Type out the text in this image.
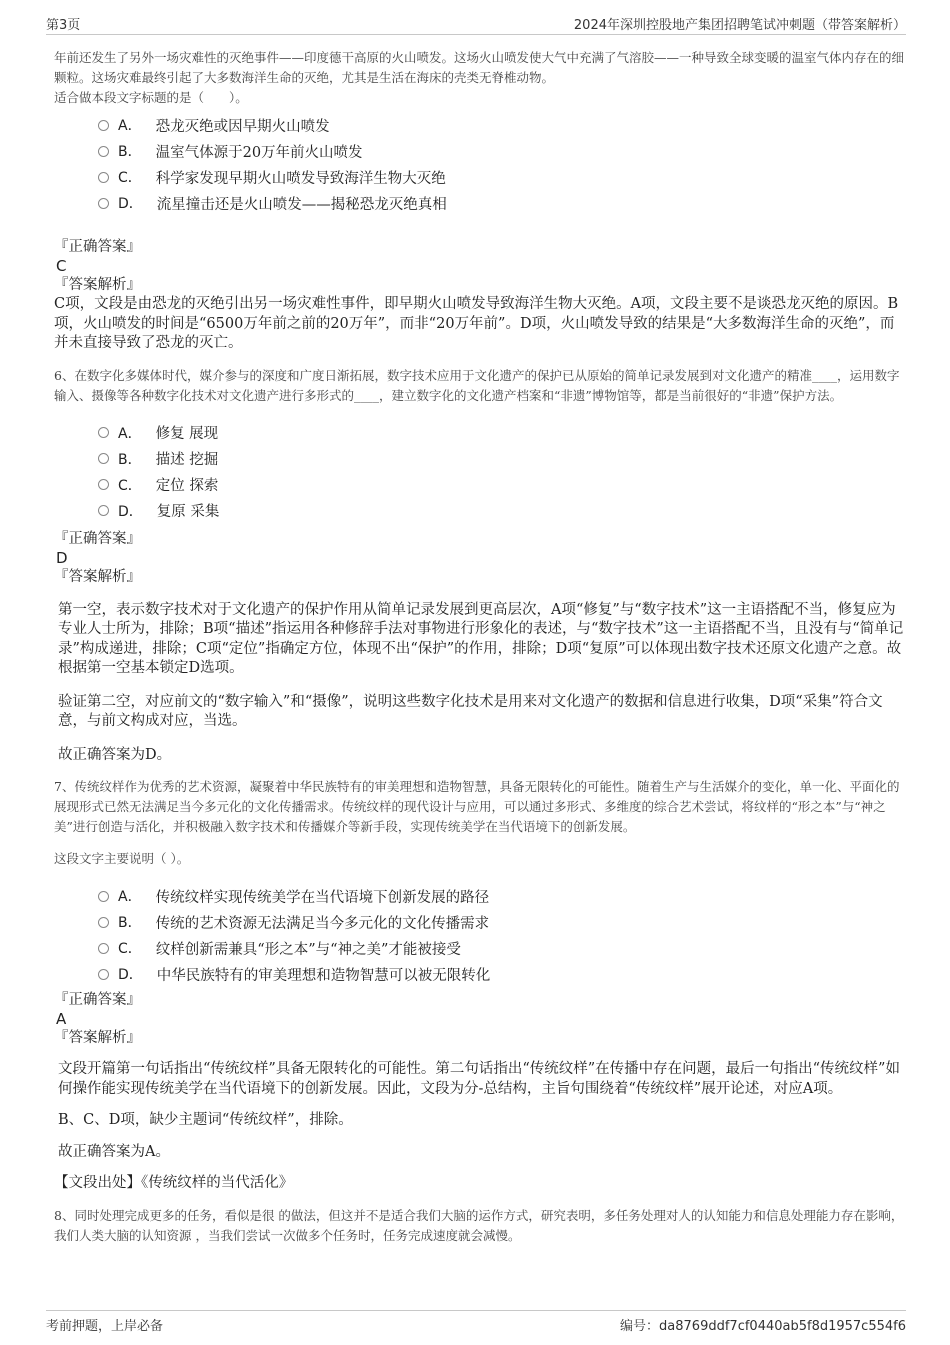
第3页	2024年深圳控股地产集团招聘笔试冲刺题（带答案解析）

年前还发生了另外一场灾难性的灭绝事件——印度德干高原的火山喷发。这场火山喷发使大气中充满了气溶胶——一种导致全球变暖的温室气体内存在的细颗粒。这场灾难最终引起了大多数海洋生命的灭绝，尤其是生活在海床的壳类无脊椎动物。

适合做本段文字标题的是（　　）。

A． 恐龙灭绝或因早期火山喷发
B． 温室气体源于20万年前火山喷发
C． 科学家发现早期火山喷发导致海洋生物大灭绝
D． 流星撞击还是火山喷发——揭秘恐龙灭绝真相

『正确答案』

C

『答案解析』

C项，文段是由恐龙的灭绝引出另一场灾难性事件，即早期火山喷发导致海洋生物大灭绝。A项，文段主要不是谈恐龙灭绝的原因。B项，火山喷发的时间是“6500万年前之前的20万年”，而非“20万年前”。D项，火山喷发导致的结果是“大多数海洋生命的灭绝”，而并未直接导致了恐龙的灭亡。

6、在数字化多媒体时代，媒介参与的深度和广度日渐拓展，数字技术应用于文化遗产的保护已从原始的简单记录发展到对文化遗产的精准____，运用数字输入、摄像等各种数字化技术对文化遗产进行多形式的____，建立数字化的文化遗产档案和“非遗”博物馆等，都是当前很好的“非遗”保护方法。

A． 修复 展现
B． 描述 挖掘
C． 定位 探索
D． 复原 采集

『正确答案』

D

『答案解析』

第一空，表示数字技术对于文化遗产的保护作用从简单记录发展到更高层次，A项“修复”与“数字技术”这一主语搭配不当，修复应为专业人士所为，排除；B项“描述”指运用各种修辞手法对事物进行形象化的表述，与“数字技术”这一主语搭配不当，且没有与“简单记录”构成递进，排除；C项“定位”指确定方位，体现不出“保护”的作用，排除；D项“复原”可以体现出数字技术还原文化遗产之意。故根据第一空基本锁定D选项。

验证第二空，对应前文的“数字输入”和“摄像”，说明这些数字化技术是用来对文化遗产的数据和信息进行收集，D项“采集”符合文意，与前文构成对应，当选。

故正确答案为D。

7、传统纹样作为优秀的艺术资源，凝聚着中华民族特有的审美理想和造物智慧，具备无限转化的可能性。随着生产与生活媒介的变化，单一化、平面化的展现形式已然无法满足当今多元化的文化传播需求。传统纹样的现代设计与应用，可以通过多形式、多维度的综合艺术尝试，将纹样的“形之本”与“神之美”进行创造与活化，并积极融入数字技术和传播媒介等新手段，实现传统美学在当代语境下的创新发展。

这段文字主要说明（ ）。

A． 传统纹样实现传统美学在当代语境下创新发展的路径
B． 传统的艺术资源无法满足当今多元化的文化传播需求
C． 纹样创新需兼具“形之本”与“神之美”才能被接受
D． 中华民族特有的审美理想和造物智慧可以被无限转化

『正确答案』

A

『答案解析』

文段开篇第一句话指出“传统纹样”具备无限转化的可能性。第二句话指出“传统纹样”在传播中存在问题，最后一句指出“传统纹样”如何操作能实现传统美学在当代语境下的创新发展。因此，文段为分-总结构，主旨句围绕着“传统纹样”展开论述，对应A项。

B、C、D项，缺少主题词“传统纹样”，排除。

故正确答案为A。

【文段出处】《传统纹样的当代活化》

8、同时处理完成更多的任务，看似是很 的做法，但这并不是适合我们大脑的运作方式，研究表明，多任务处理对人的认知能力和信息处理能力存在影响，我们人类大脑的认知资源 ，当我们尝试一次做多个任务时，任务完成速度就会减慢。

考前押题，上岸必备	编号：da8769ddf7cf0440ab5f8d1957c554f6
